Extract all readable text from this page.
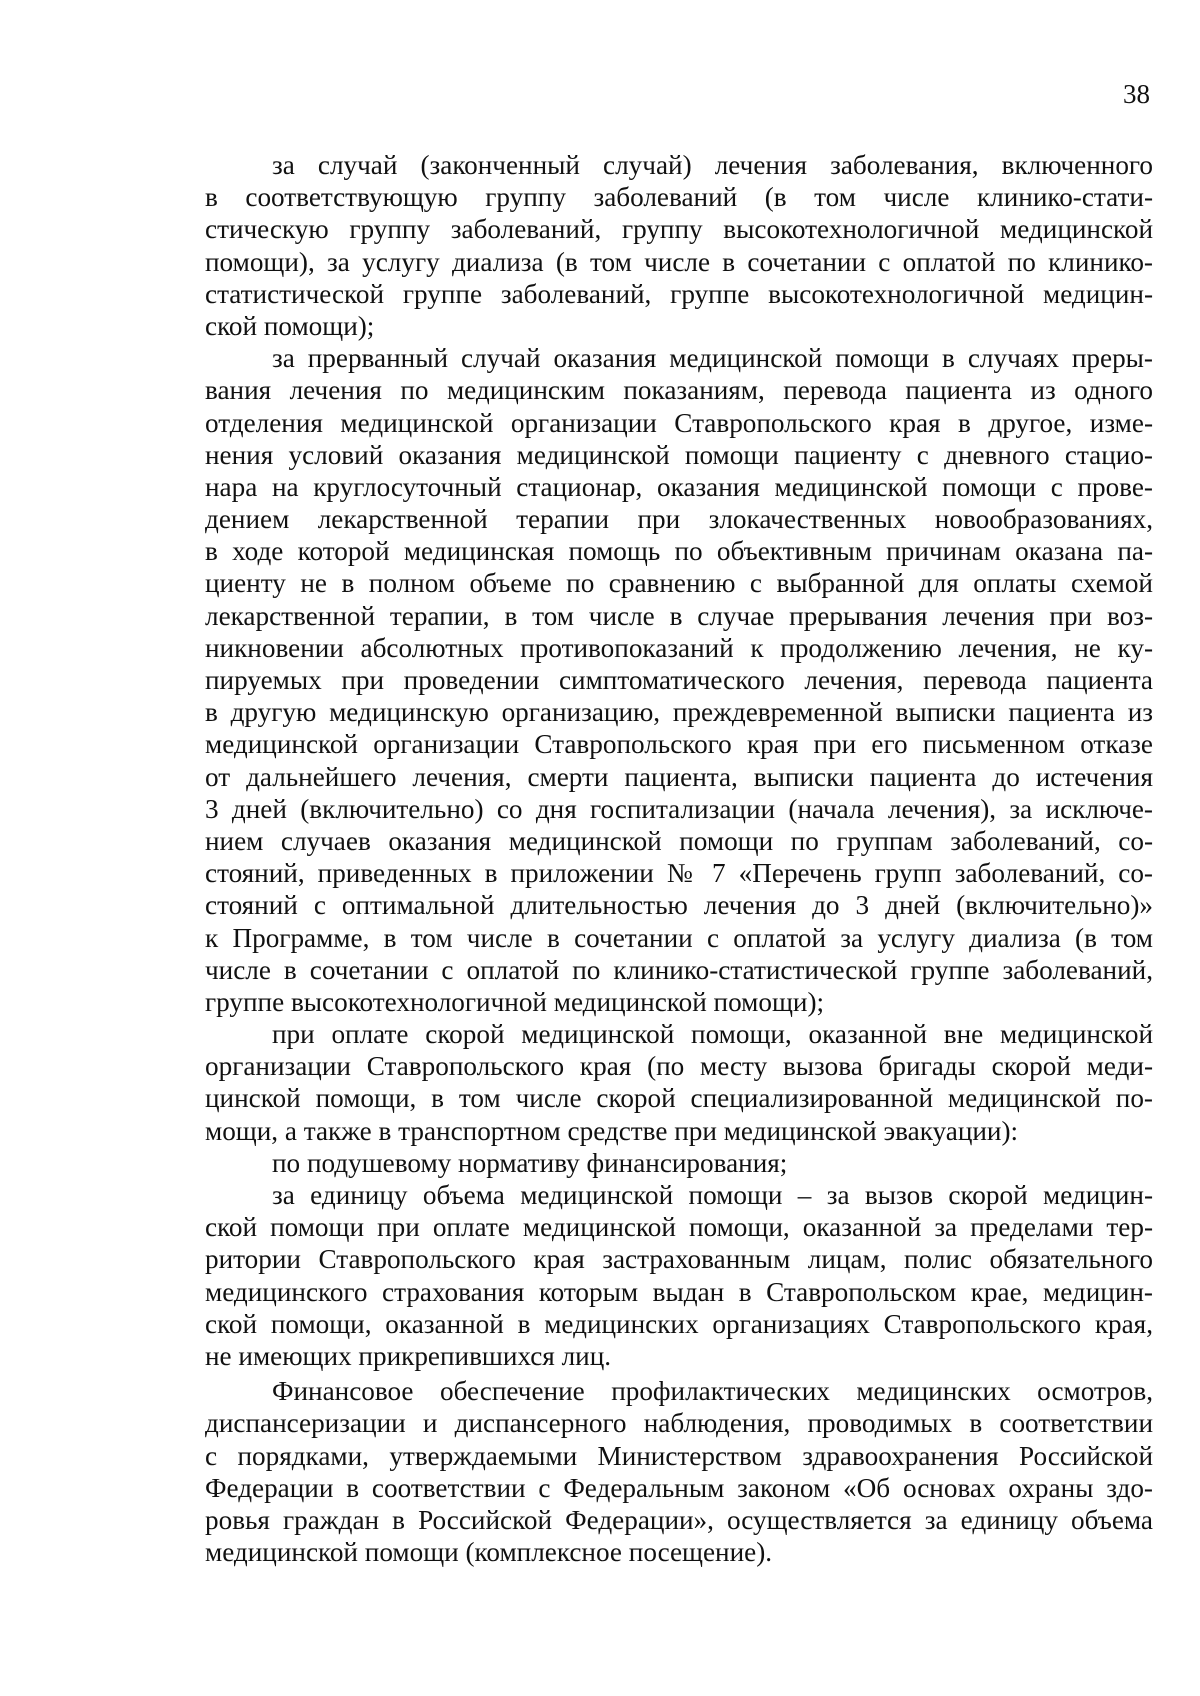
38
за случай (законченный случай) лечения заболевания, включенного
в соответствующую группу заболеваний (в том числе клинико-стати-
стическую группу заболеваний, группу высокотехнологичной медицинской
помощи), за услугу диализа (в том числе в сочетании с оплатой по клинико-
статистической группе заболеваний, группе высокотехнологичной медицин-
ской помощи);
за прерванный случай оказания медицинской помощи в случаях преры-
вания лечения по медицинским показаниям, перевода пациента из одного
отделения медицинской организации Ставропольского края в другое, изме-
нения условий оказания медицинской помощи пациенту с дневного стацио-
нара на круглосуточный стационар, оказания медицинской помощи с прове-
дением лекарственной терапии при злокачественных новообразованиях,
в ходе которой медицинская помощь по объективным причинам оказана па-
циенту не в полном объеме по сравнению с выбранной для оплаты схемой
лекарственной терапии, в том числе в случае прерывания лечения при воз-
никновении абсолютных противопоказаний к продолжению лечения, не ку-
пируемых при проведении симптоматического лечения, перевода пациента
в другую медицинскую организацию, преждевременной выписки пациента из
медицинской организации Ставропольского края при его письменном отказе
от дальнейшего лечения, смерти пациента, выписки пациента до истечения
3 дней (включительно) со дня госпитализации (начала лечения), за исключе-
нием случаев оказания медицинской помощи по группам заболеваний, со-
стояний, приведенных в приложении № 7 «Перечень групп заболеваний, со-
стояний с оптимальной длительностью лечения до 3 дней (включительно)»
к Программе, в том числе в сочетании с оплатой за услугу диализа (в том
числе в сочетании с оплатой по клинико-статистической группе заболеваний,
группе высокотехнологичной медицинской помощи);
при оплате скорой медицинской помощи, оказанной вне медицинской
организации Ставропольского края (по месту вызова бригады скорой меди-
цинской помощи, в том числе скорой специализированной медицинской по-
мощи, а также в транспортном средстве при медицинской эвакуации):
по подушевому нормативу финансирования;
за единицу объема медицинской помощи – за вызов скорой медицин-
ской помощи при оплате медицинской помощи, оказанной за пределами тер-
ритории Ставропольского края застрахованным лицам, полис обязательного
медицинского страхования которым выдан в Ставропольском крае, медицин-
ской помощи, оказанной в медицинских организациях Ставропольского края,
не имеющих прикрепившихся лиц.
Финансовое обеспечение профилактических медицинских осмотров,
диспансеризации и диспансерного наблюдения, проводимых в соответствии
с порядками, утверждаемыми Министерством здравоохранения Российской
Федерации в соответствии с Федеральным законом «Об основах охраны здо-
ровья граждан в Российской Федерации», осуществляется за единицу объема
медицинской помощи (комплексное посещение).
